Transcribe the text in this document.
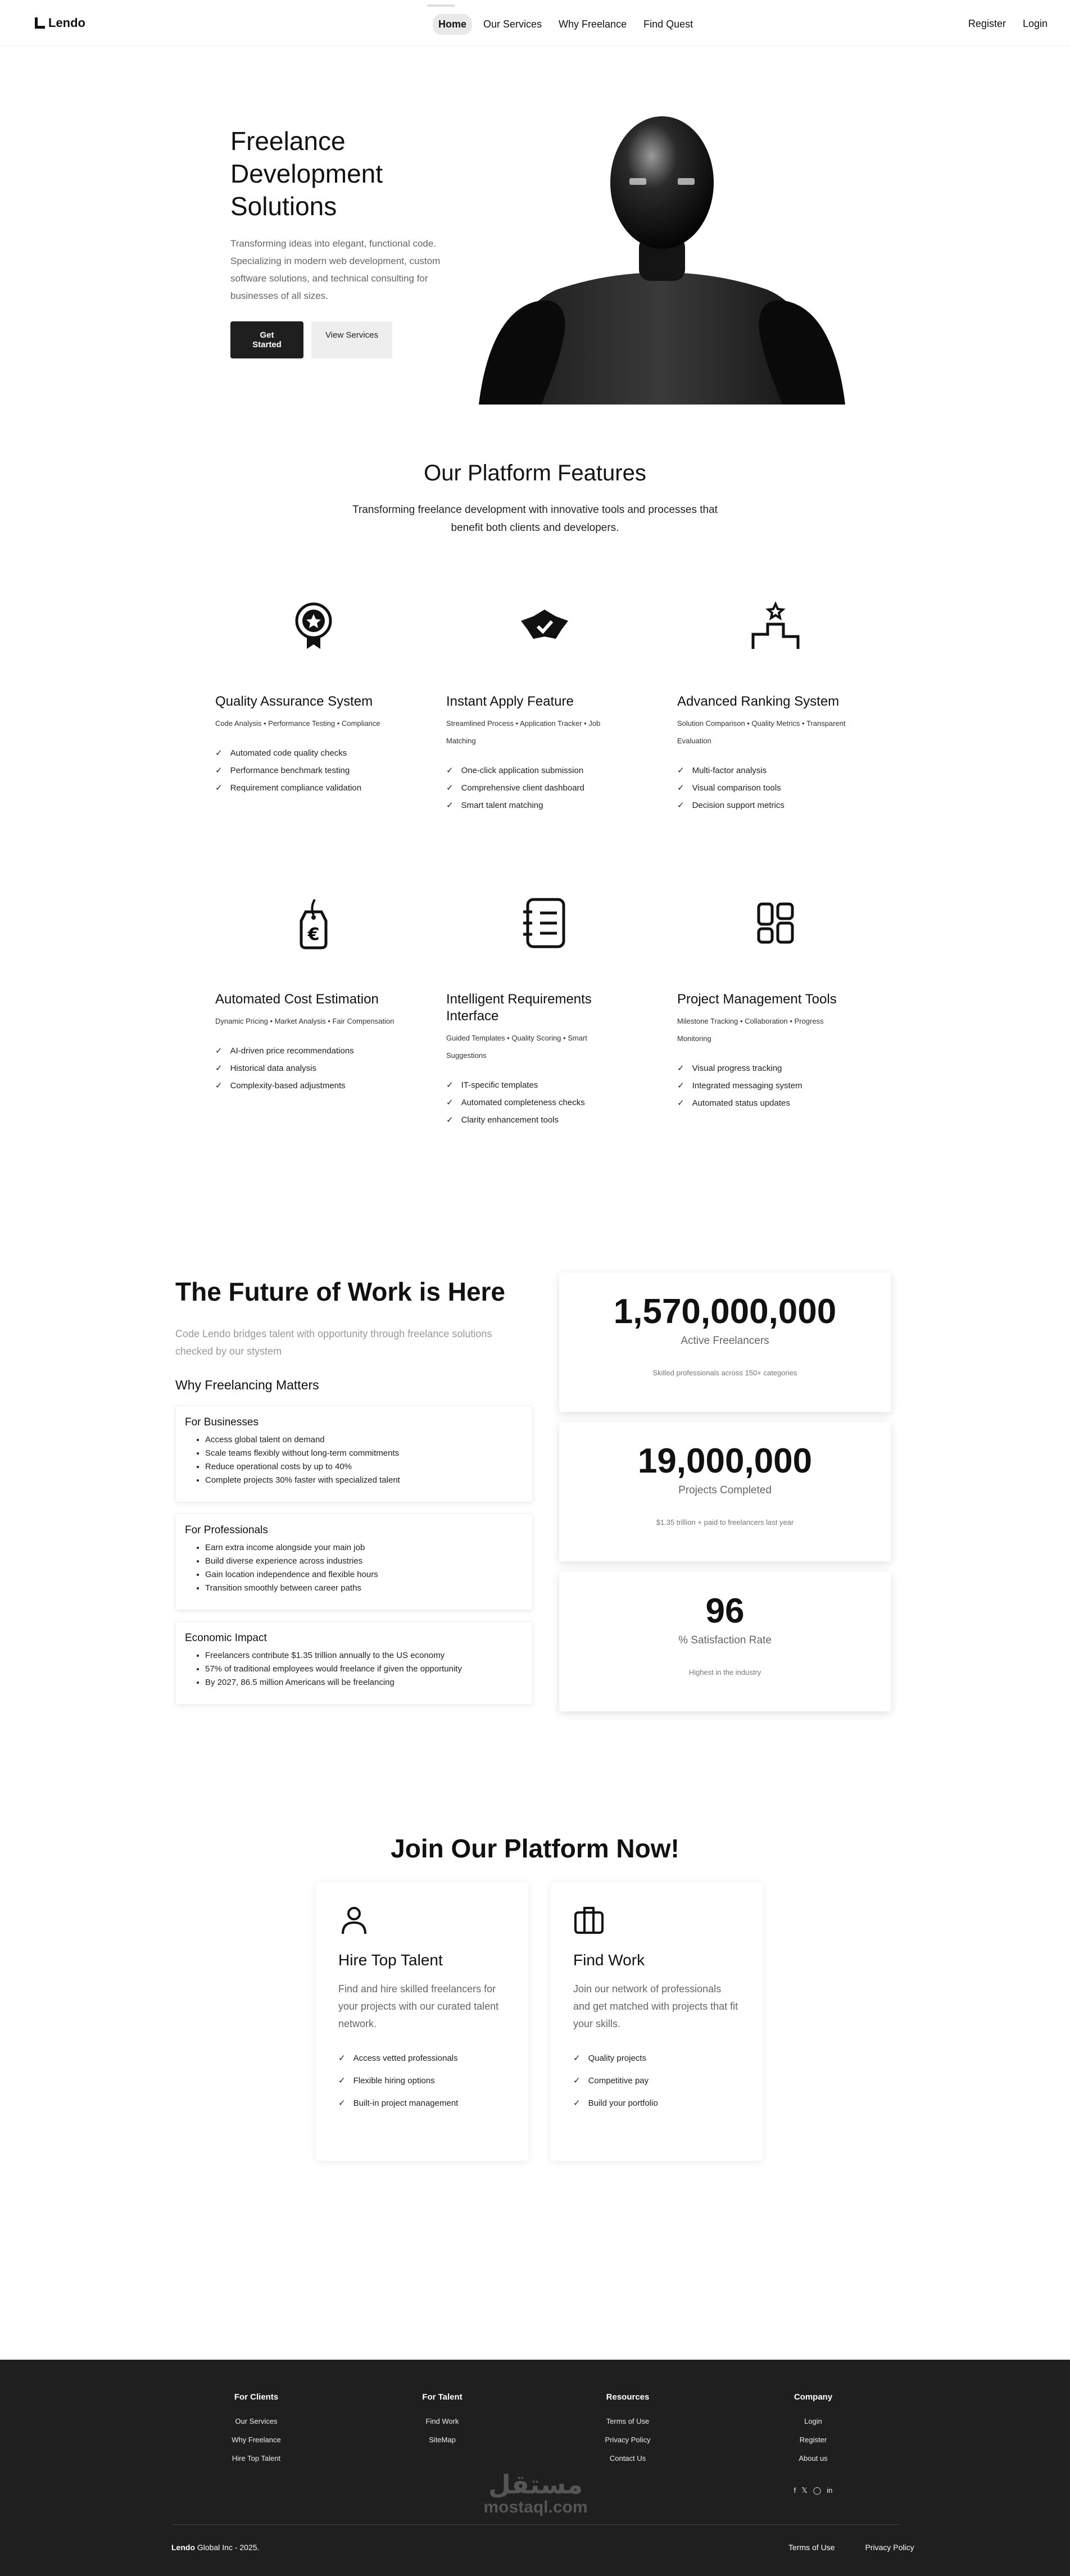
Lendo	Home	Our Services	Why Freelance	Find Quest	Register Login
Freelance Development Solutions

Transforming ideas into elegant, functional code. Specializing in modern web development, custom software solutions, and technical consulting for businesses of all sizes.

Get Started
View Services
Our Platform Features
Transforming freelance development with innovative tools and processes that benefit both clients and developers.
Quality Assurance System
Code Analysis • Performance Testing • Compliance
✓ Automated code quality checks
✓ Performance benchmark testing
✓ Requirement compliance validation
Instant Apply Feature
Streamlined Process • Application Tracker • Job Matching
✓ One-click application submission
✓ Comprehensive client dashboard
✓ Smart talent matching
Advanced Ranking System
Solution Comparison • Quality Metrics • Transparent Evaluation
✓ Multi-factor analysis
✓ Visual comparison tools
✓ Decision support metrics
€
Automated Cost Estimation
Dynamic Pricing • Market Analysis • Fair Compensation
✓ AI-driven price recommendations
✓ Historical data analysis
✓ Complexity-based adjustments
Intelligent Requirements Interface
Guided Templates • Quality Scoring • Smart Suggestions
✓ IT-specific templates
✓ Automated completeness checks
✓ Clarity enhancement tools
Project Management Tools
Milestone Tracking • Collaboration • Progress Monitoring
✓ Visual progress tracking
✓ Integrated messaging system
✓ Automated status updates
The Future of Work is Here
Code Lendo bridges talent with opportunity through freelance solutions checked by our stystem
Why Freelancing Matters
For Businesses
• Access global talent on demand
• Scale teams flexibly without long-term commitments
• Reduce operational costs by up to 40%
• Complete projects 30% faster with specialized talent
For Professionals
• Earn extra income alongside your main job
• Build diverse experience across industries
• Gain location independence and flexible hours
• Transition smoothly between career paths
Economic Impact
• Freelancers contribute $1.35 trillion annually to the US economy
• 57% of traditional employees would freelance if given the opportunity
• By 2027, 86.5 million Americans will be freelancing
1,570,000,000
Active Freelancers
Skilled professionals across 150+ categories
19,000,000
Projects Completed
$1.35 trillion + paid to freelancers last year
96
% Satisfaction Rate
Highest in the industry
Join Our Platform Now!
Hire Top Talent

Find and hire skilled freelancers for your projects with our curated talent network.

✓ Access vetted professionals
✓ Flexible hiring options
✓ Built-in project management
Find Work

Join our network of professionals and get matched with projects that fit your skills.

✓ Quality projects
✓ Competitive pay
✓ Build your portfolio
For Clients
Our Services
Why Freelance
Hire Top Talent
For Talent
Find Work
SiteMap
Resources
Terms of Use
Privacy Policy
Contact Us
Company
Login
Register
About us
f 𝕏 ◯ in
مستقل
mostaql.com
Lendo Global Inc - 2025.	Terms of Use	Privacy Policy
